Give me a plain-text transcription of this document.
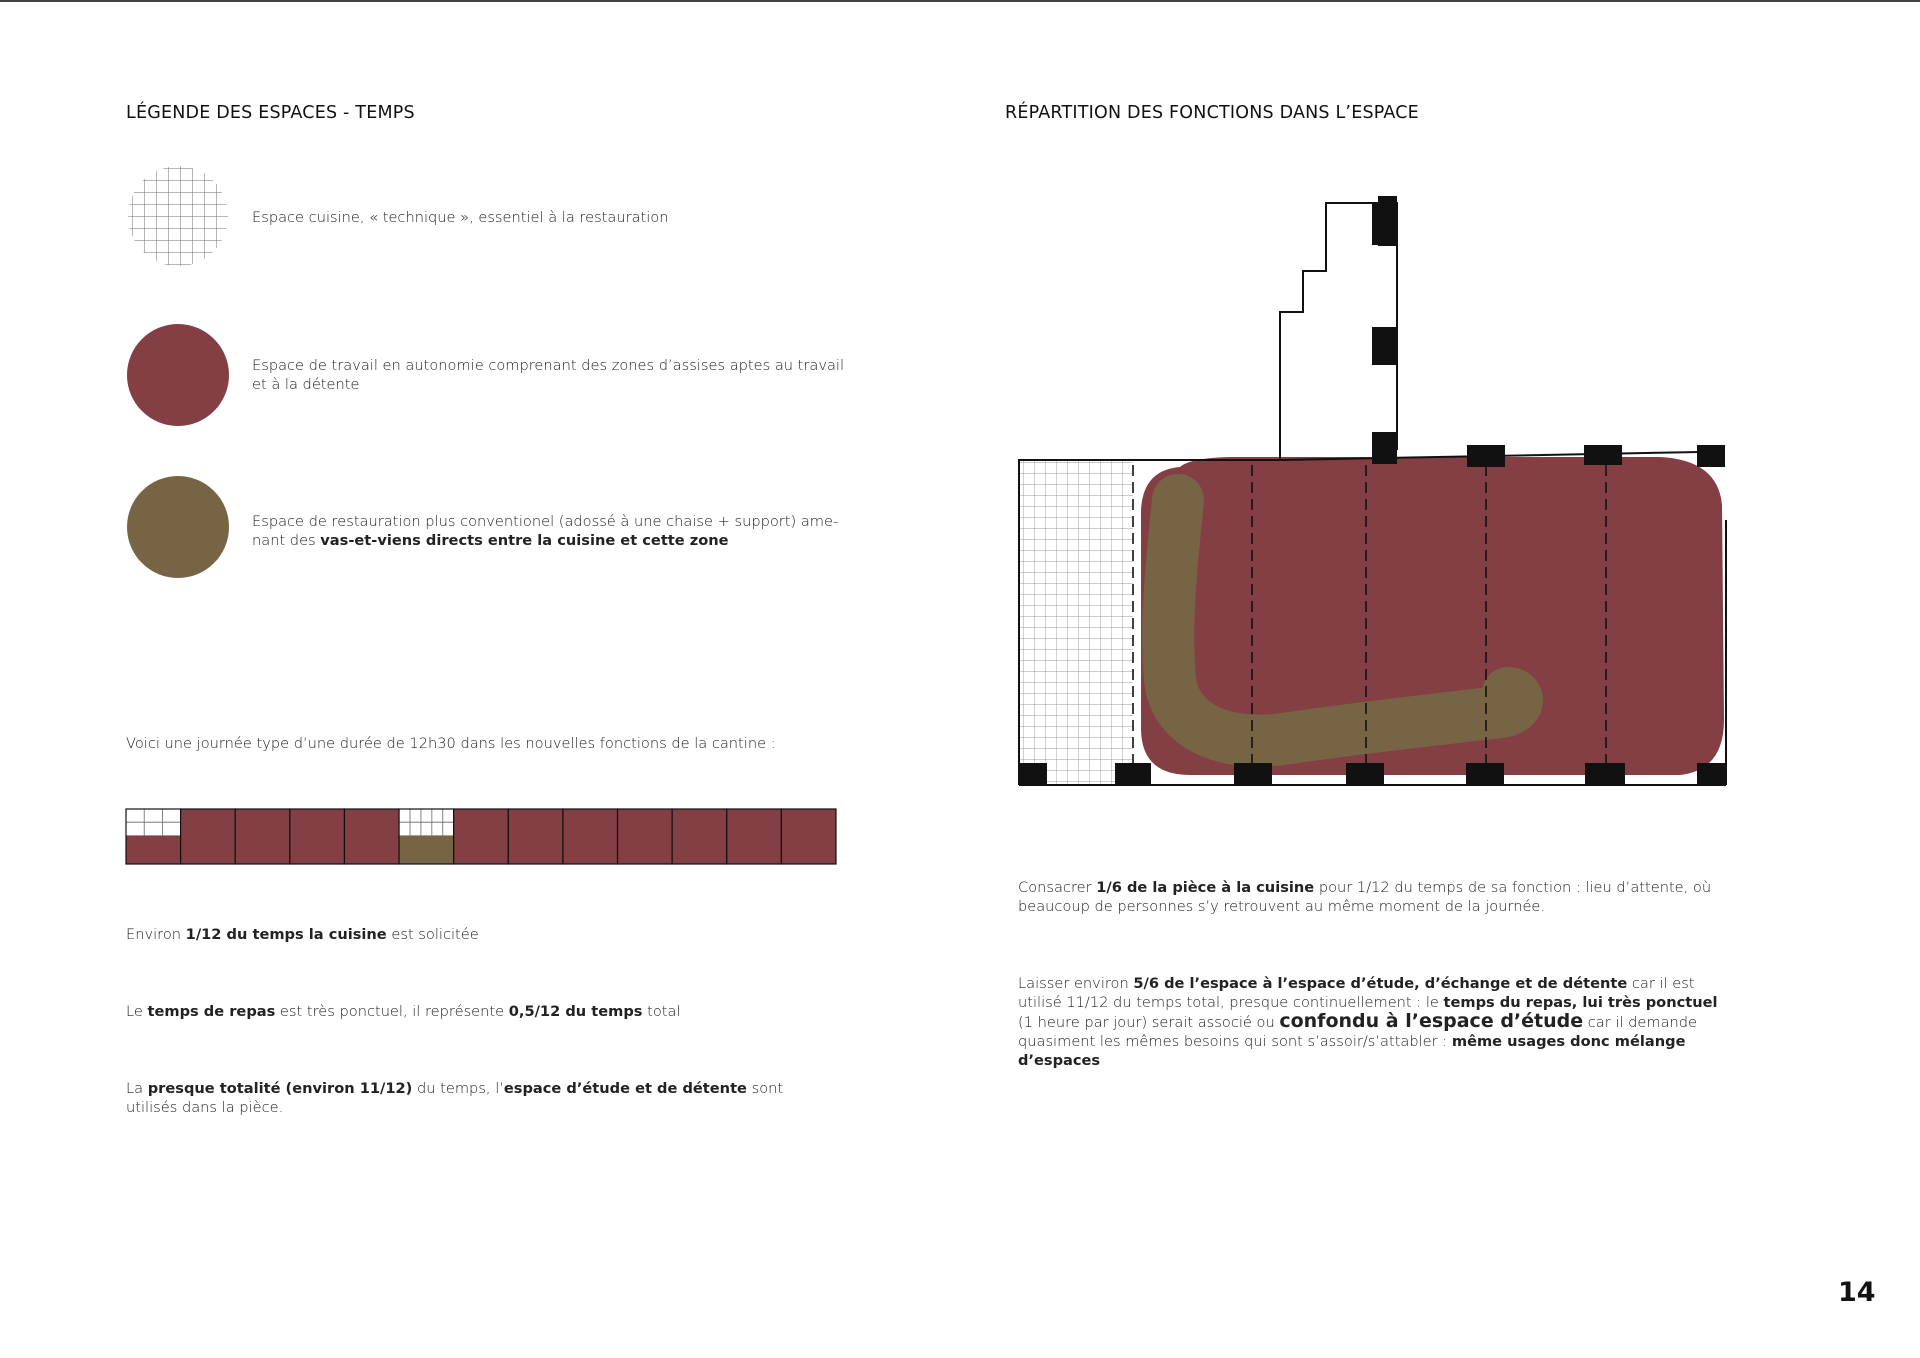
LÉGENDE DES ESPACES - TEMPS	RÉPARTITION DES FONCTIONS DANS L’ESPACE
Espace cuisine, « technique », essentiel à la restauration
Espace de travail en autonomie comprenant des zones d’assises aptes au travail et à la détente
Espace de restauration plus conventionel (adossé à une chaise + support) ame-nant des vas-et-viens directs entre la cuisine et cette zone
Voici une journée type d’une durée de 12h30 dans les nouvelles fonctions de la cantine :
Environ 1/12 du temps la cuisine est solicitée
Le temps de repas est très ponctuel, il représente 0,5/12 du temps total
La presque totalité (environ 11/12) du temps, l’espace d’étude et de détente sont utilisés dans la pièce.
Consacrer 1/6 de la pièce à la cuisine pour 1/12 du temps de sa fonction : lieu d’attente, où beaucoup de personnes s’y retrouvent au même moment de la journée.
Laisser environ 5/6 de l’espace à l’espace d’étude, d’échange et de détente car il est utilisé 11/12 du temps total, presque continuellement : le temps du repas, lui très ponctuel (1 heure par jour) serait associé ou confondu à l’espace d’étude car il demande quasiment les mêmes besoins qui sont s’assoir/s’attabler : même usages donc mélange d’espaces
14
